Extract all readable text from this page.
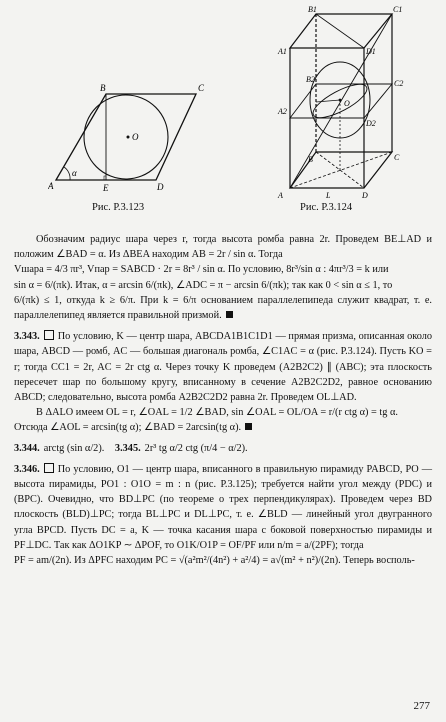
A
B	C
D
E
O
α
Рис. Р.3.123
A
B	C
D
L
A1
B1	C1
D1
A2
B2	C2
D2
O
Рис. Р.3.124

Обозначим радиус шара через r, тогда высота ромба равна 2r. Проведем BE⊥AD и положим ∠BAD = α. Из ΔBEA находим AB = 2r / sin α. Тогда

Vшара = 4/3 πr³, Vпар = SABCD · 2r = 8r³ / sin α. По условию, 8r³/sin α : 4πr³/3 = k или

sin α = 6/(πk). Итак, α = arcsin 6/(πk), ∠ADC = π − arcsin 6/(πk); так как 0 < sin α ≤ 1, то

6/(πk) ≤ 1, откуда k ≥ 6/π. При k = 6/π основанием параллелепипеда служит квадрат, т. е. параллелепипед является правильной призмой.

3.343. По условию, K — центр шара, ABCDA1B1C1D1 — прямая призма, описанная около шара, ABCD — ромб, AC — большая диагональ ромба, ∠C1AC = α (рис. Р.3.124). Пусть KO = r; тогда CC1 = 2r, AC = 2r ctg α. Через точку K проведем (A2B2C2) ∥ (ABC); эта плоскость пересечет шар по большому кругу, вписанному в сечение A2B2C2D2, равное основанию ABCD; следовательно, высота ромба A2B2C2D2 равна 2r. Проведем OL⊥AD.

В ΔALO имеем OL = r, ∠OAL = 1/2 ∠BAD, sin ∠OAL = OL/OA = r/(r ctg α) = tg α.

Отсюда ∠AOL = arcsin(tg α); ∠BAD = 2arcsin(tg α).

3.344. arctg (sin α/2). 3.345. 2r³ tg α/2 ctg (π/4 − α/2).

3.346. По условию, O1 — центр шара, вписанного в правильную пирамиду PABCD, PO — высота пирамиды, PO1 : O1O = m : n (рис. Р.3.125); требуется найти угол между (PDC) и (BPC). Очевидно, что BD⊥PC (по теореме о трех перпендикулярах). Проведем через BD плоскость (BLD)⊥PC; тогда BL⊥PC и DL⊥PC, т. е. ∠BLD — линейный угол двугранного угла BPCD. Пусть DC = a, K — точка касания шара с боковой поверхностью пирамиды и PF⊥DC. Так как ΔO1KP ∼ ΔPOF, то O1K/O1P = OF/PF или n/m = a/(2PF); тогда

PF = am/(2n). Из ΔPFC находим PC = √(a²m²/(4n²) + a²/4) = a√(m² + n²)/(2n). Теперь восполь-

277
